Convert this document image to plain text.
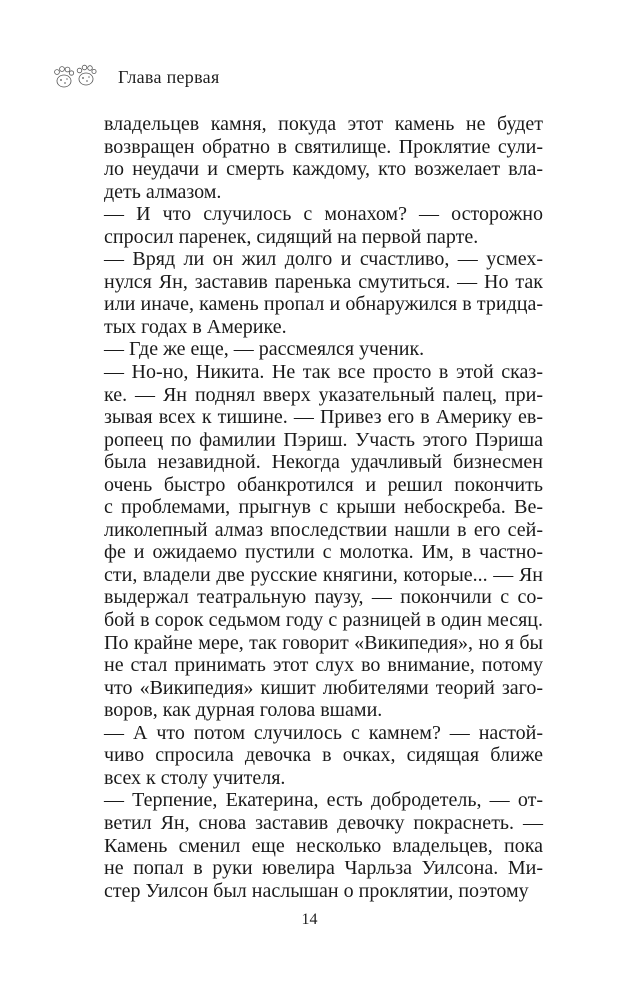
Глава первая
владельцев камня, покуда этот камень не будет
возвращен обратно в святилище. Проклятие сули-
ло неудачи и смерть каждому, кто возжелает вла-
деть алмазом.
— И что случилось с монахом? — осторожно
спросил паренек, сидящий на первой парте.
— Вряд ли он жил долго и счастливо, — усмех-
нулся Ян, заставив паренька смутиться. — Но так
или иначе, камень пропал и обнаружился в тридца-
тых годах в Америке.
— Где же еще, — рассмеялся ученик.
— Но-но, Никита. Не так все просто в этой сказ-
ке. — Ян поднял вверх указательный палец, при-
зывая всех к тишине. — Привез его в Америку ев-
ропеец по фамилии Пэриш. Участь этого Пэриша
была незавидной. Некогда удачливый бизнесмен
очень быстро обанкротился и решил покончить
с проблемами, прыгнув с крыши небоскреба. Ве-
ликолепный алмаз впоследствии нашли в его сей-
фе и ожидаемо пустили с молотка. Им, в частно-
сти, владели две русские княгини, которые... — Ян
выдержал театральную паузу, — покончили с со-
бой в сорок седьмом году с разницей в один месяц.
По крайне мере, так говорит «Википедия», но я бы
не стал принимать этот слух во внимание, потому
что «Википедия» кишит любителями теорий заго-
воров, как дурная голова вшами.
— А что потом случилось с камнем? — настой-
чиво спросила девочка в очках, сидящая ближе
всех к столу учителя.
— Терпение, Екатерина, есть добродетель, — от-
ветил Ян, снова заставив девочку покраснеть. —
Камень сменил еще несколько владельцев, пока
не попал в руки ювелира Чарльза Уилсона. Ми-
стер Уилсон был наслышан о проклятии, поэтому
14
